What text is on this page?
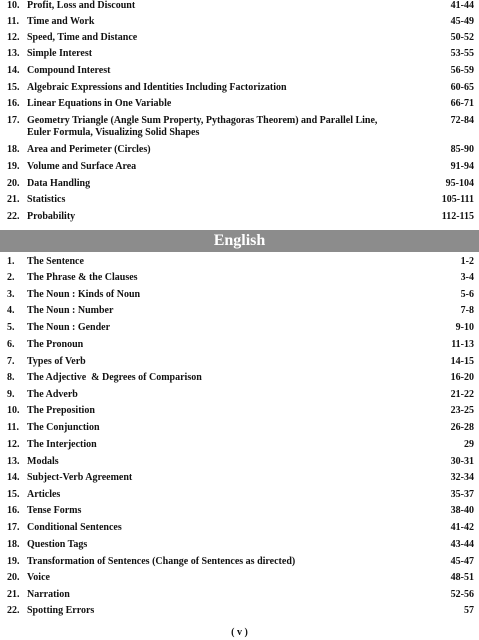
10. Profit, Loss and Discount	41-44
11. Time and Work	45-49
12. Speed, Time and Distance	50-52
13. Simple Interest	53-55
14. Compound Interest	56-59
15. Algebraic Expressions and Identities Including Factorization	60-65
16. Linear Equations in One Variable	66-71
17. Geometry Triangle (Angle Sum Property, Pythagoras Theorem) and Parallel Line, Euler Formula, Visualizing Solid Shapes
72-84
18. Area and Perimeter (Circles)	85-90
19. Volume and Surface Area	91-94
20. Data Handling	95-104
21. Statistics	105-111
22. Probability	112-115
English
1.	The Sentence	1-2
2.	The Phrase & the Clauses	3-4
3.	The Noun : Kinds of Noun	5-6
4.	The Noun : Number	7-8
5.	The Noun : Gender	9-10
6.	The Pronoun	11-13
7.	Types of Verb	14-15
8.	The Adjective  & Degrees of Comparison	16-20
9.	The Adverb	21-22
10. The Preposition	23-25
11. The Conjunction	26-28
12. The Interjection	29
13. Modals	30-31
14. Subject-Verb Agreement	32-34
15. Articles	35-37
16. Tense Forms	38-40
17. Conditional Sentences	41-42
18. Question Tags	43-44
19. Transformation of Sentences (Change of Sentences as directed)	45-47
20. Voice	48-51
21. Narration	52-56
22. Spotting Errors	57
( v )
